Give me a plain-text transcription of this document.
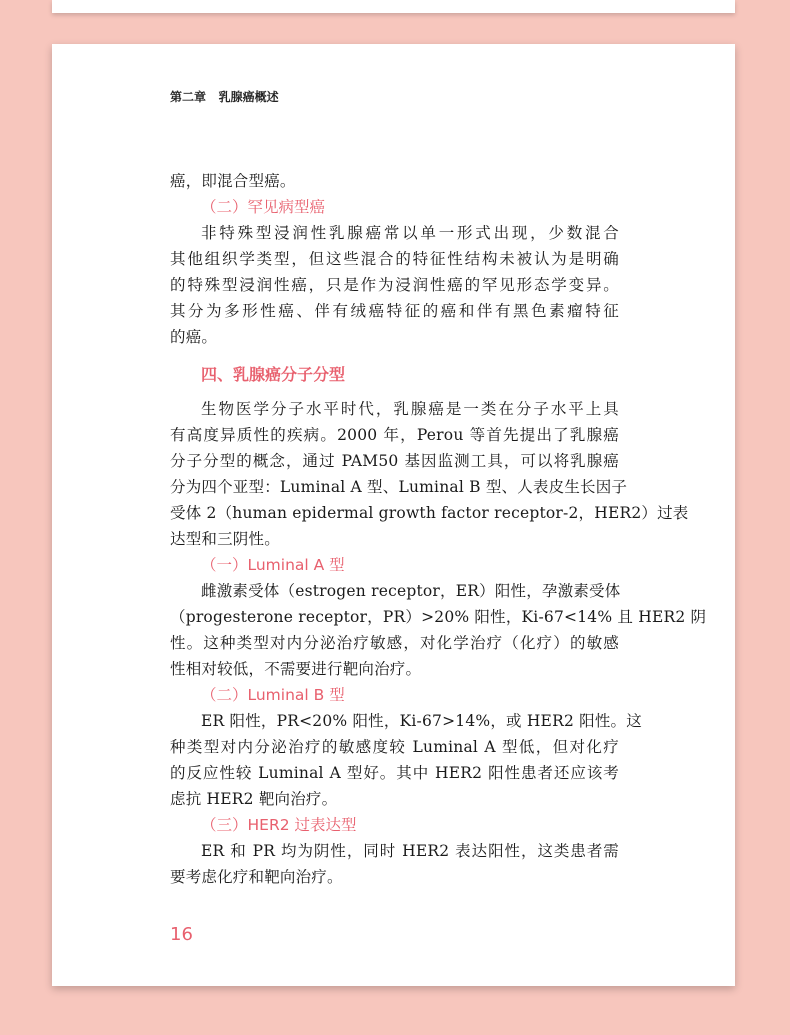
第二章 乳腺癌概述
癌，即混合型癌。
（二）罕见病型癌
非特殊型浸润性乳腺癌常以单一形式出现，少数混合
其他组织学类型，但这些混合的特征性结构未被认为是明确
的特殊型浸润性癌，只是作为浸润性癌的罕见形态学变异。
其分为多形性癌、伴有绒癌特征的癌和伴有黑色素瘤特征
的癌。
四、乳腺癌分子分型
生物医学分子水平时代，乳腺癌是一类在分子水平上具
有高度异质性的疾病。2000 年，Perou 等首先提出了乳腺癌
分子分型的概念，通过 PAM50 基因监测工具，可以将乳腺癌
分为四个亚型：Luminal A 型、Luminal B 型、人表皮生长因子
受体 2（human epidermal growth factor receptor-2，HER2）过表
达型和三阴性。
（一）Luminal A 型
雌激素受体（estrogen receptor，ER）阳性，孕激素受体
（progesterone receptor，PR）>20% 阳性，Ki-67<14% 且 HER2 阴
性。这种类型对内分泌治疗敏感，对化学治疗（化疗）的敏感
性相对较低，不需要进行靶向治疗。
（二）Luminal B 型
ER 阳性，PR<20% 阳性，Ki-67>14%，或 HER2 阳性。这
种类型对内分泌治疗的敏感度较 Luminal A 型低，但对化疗
的反应性较 Luminal A 型好。其中 HER2 阳性患者还应该考
虑抗 HER2 靶向治疗。
（三）HER2 过表达型
ER 和 PR 均为阴性，同时 HER2 表达阳性，这类患者需
要考虑化疗和靶向治疗。
16
